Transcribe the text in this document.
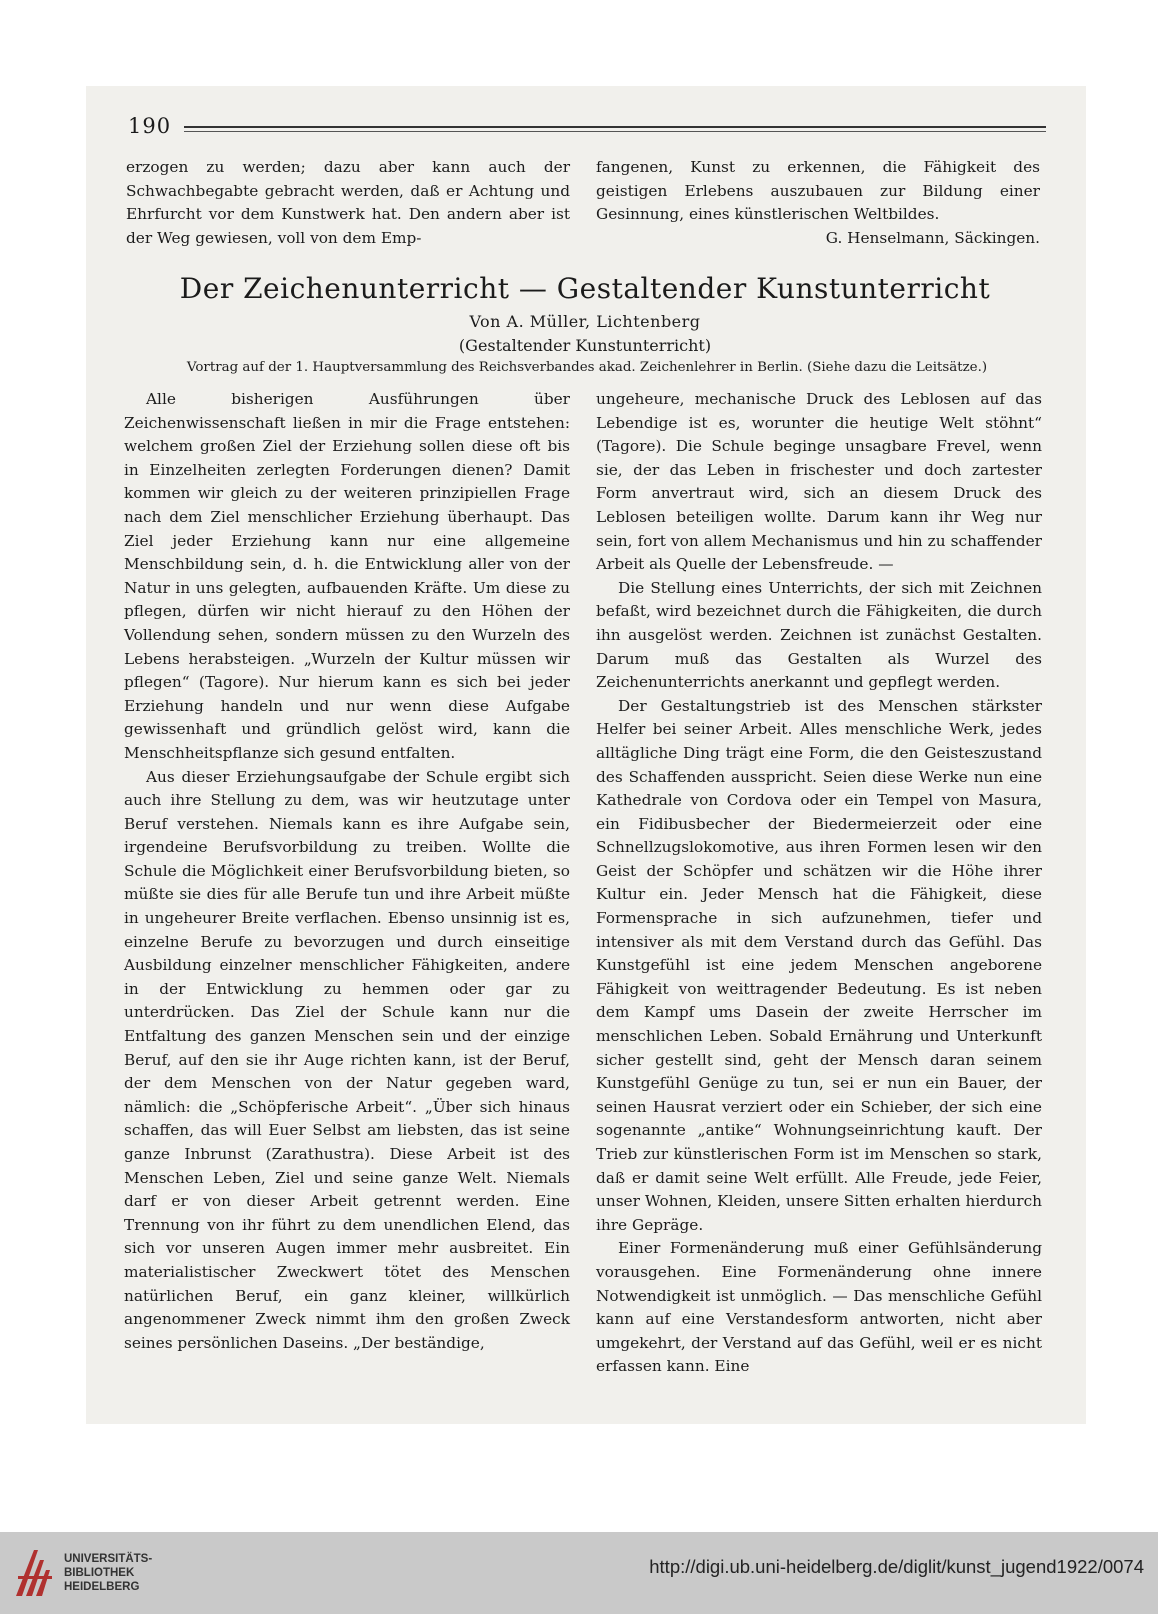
190

erzogen zu werden; dazu aber kann auch der Schwachbegabte gebracht werden, daß er Achtung und Ehrfurcht vor dem Kunstwerk hat. Den andern aber ist der Weg gewiesen, voll von dem Emp-

fangenen, Kunst zu erkennen, die Fähigkeit des geistigen Erlebens auszubauen zur Bildung einer Gesinnung, eines künstlerischen Weltbildes.

G. Henselmann, Säckingen.

Der Zeichenunterricht — Gestaltender Kunstunterricht
Von A. Müller, Lichtenberg
(Gestaltender Kunstunterricht)
Vortrag auf der 1. Hauptversammlung des Reichsverbandes akad. Zeichenlehrer in Berlin. (Siehe dazu die Leitsätze.)

Alle bisherigen Ausführungen über Zeichenwissenschaft ließen in mir die Frage entstehen: welchem großen Ziel der Erziehung sollen diese oft bis in Einzelheiten zerlegten Forderungen dienen? Damit kommen wir gleich zu der weiteren prinzipiellen Frage nach dem Ziel menschlicher Erziehung überhaupt. Das Ziel jeder Erziehung kann nur eine allgemeine Menschbildung sein, d. h. die Entwicklung aller von der Natur in uns gelegten, aufbauenden Kräfte. Um diese zu pflegen, dürfen wir nicht hierauf zu den Höhen der Vollendung sehen, sondern müssen zu den Wurzeln des Lebens herabsteigen. „Wurzeln der Kultur müssen wir pflegen“ (Tagore). Nur hierum kann es sich bei jeder Erziehung handeln und nur wenn diese Aufgabe gewissenhaft und gründlich gelöst wird, kann die Menschheitspflanze sich gesund entfalten.

Aus dieser Erziehungsaufgabe der Schule ergibt sich auch ihre Stellung zu dem, was wir heutzutage unter Beruf verstehen. Niemals kann es ihre Aufgabe sein, irgendeine Berufsvorbildung zu treiben. Wollte die Schule die Möglichkeit einer Berufsvorbildung bieten, so müßte sie dies für alle Berufe tun und ihre Arbeit müßte in ungeheurer Breite verflachen. Ebenso unsinnig ist es, einzelne Berufe zu bevorzugen und durch einseitige Ausbildung einzelner menschlicher Fähigkeiten, andere in der Entwicklung zu hemmen oder gar zu unterdrücken. Das Ziel der Schule kann nur die Entfaltung des ganzen Menschen sein und der einzige Beruf, auf den sie ihr Auge richten kann, ist der Beruf, der dem Menschen von der Natur gegeben ward, nämlich: die „Schöpferische Arbeit“. „Über sich hinaus schaffen, das will Euer Selbst am liebsten, das ist seine ganze Inbrunst (Zarathustra). Diese Arbeit ist des Menschen Leben, Ziel und seine ganze Welt. Niemals darf er von dieser Arbeit getrennt werden. Eine Trennung von ihr führt zu dem unendlichen Elend, das sich vor unseren Augen immer mehr ausbreitet. Ein materialistischer Zweckwert tötet des Menschen natürlichen Beruf, ein ganz kleiner, willkürlich angenommener Zweck nimmt ihm den großen Zweck seines persönlichen Daseins. „Der beständige,

ungeheure, mechanische Druck des Leblosen auf das Lebendige ist es, worunter die heutige Welt stöhnt“ (Tagore). Die Schule beginge unsagbare Frevel, wenn sie, der das Leben in frischester und doch zartester Form anvertraut wird, sich an diesem Druck des Leblosen beteiligen wollte. Darum kann ihr Weg nur sein, fort von allem Mechanismus und hin zu schaffender Arbeit als Quelle der Lebensfreude. —

Die Stellung eines Unterrichts, der sich mit Zeichnen befaßt, wird bezeichnet durch die Fähigkeiten, die durch ihn ausgelöst werden. Zeichnen ist zunächst Gestalten. Darum muß das Gestalten als Wurzel des Zeichenunterrichts anerkannt und gepflegt werden.

Der Gestaltungstrieb ist des Menschen stärkster Helfer bei seiner Arbeit. Alles menschliche Werk, jedes alltägliche Ding trägt eine Form, die den Geisteszustand des Schaffenden ausspricht. Seien diese Werke nun eine Kathedrale von Cordova oder ein Tempel von Masura, ein Fidibusbecher der Biedermeierzeit oder eine Schnellzugslokomotive, aus ihren Formen lesen wir den Geist der Schöpfer und schätzen wir die Höhe ihrer Kultur ein. Jeder Mensch hat die Fähigkeit, diese Formensprache in sich aufzunehmen, tiefer und intensiver als mit dem Verstand durch das Gefühl. Das Kunstgefühl ist eine jedem Menschen angeborene Fähigkeit von weittragender Bedeutung. Es ist neben dem Kampf ums Dasein der zweite Herrscher im menschlichen Leben. Sobald Ernährung und Unterkunft sicher gestellt sind, geht der Mensch daran seinem Kunstgefühl Genüge zu tun, sei er nun ein Bauer, der seinen Hausrat verziert oder ein Schieber, der sich eine sogenannte „antike“ Wohnungseinrichtung kauft. Der Trieb zur künstlerischen Form ist im Menschen so stark, daß er damit seine Welt erfüllt. Alle Freude, jede Feier, unser Wohnen, Kleiden, unsere Sitten erhalten hierdurch ihre Gepräge.

Einer Formenänderung muß einer Gefühlsänderung vorausgehen. Eine Formenänderung ohne innere Notwendigkeit ist unmöglich. — Das menschliche Gefühl kann auf eine Verstandesform antworten, nicht aber umgekehrt, der Verstand auf das Gefühl, weil er es nicht erfassen kann. Eine

UNIVERSITÄTS-
BIBLIOTHEK
HEIDELBERG
http://digi.ub.uni-heidelberg.de/diglit/kunst_jugend1922/0074
